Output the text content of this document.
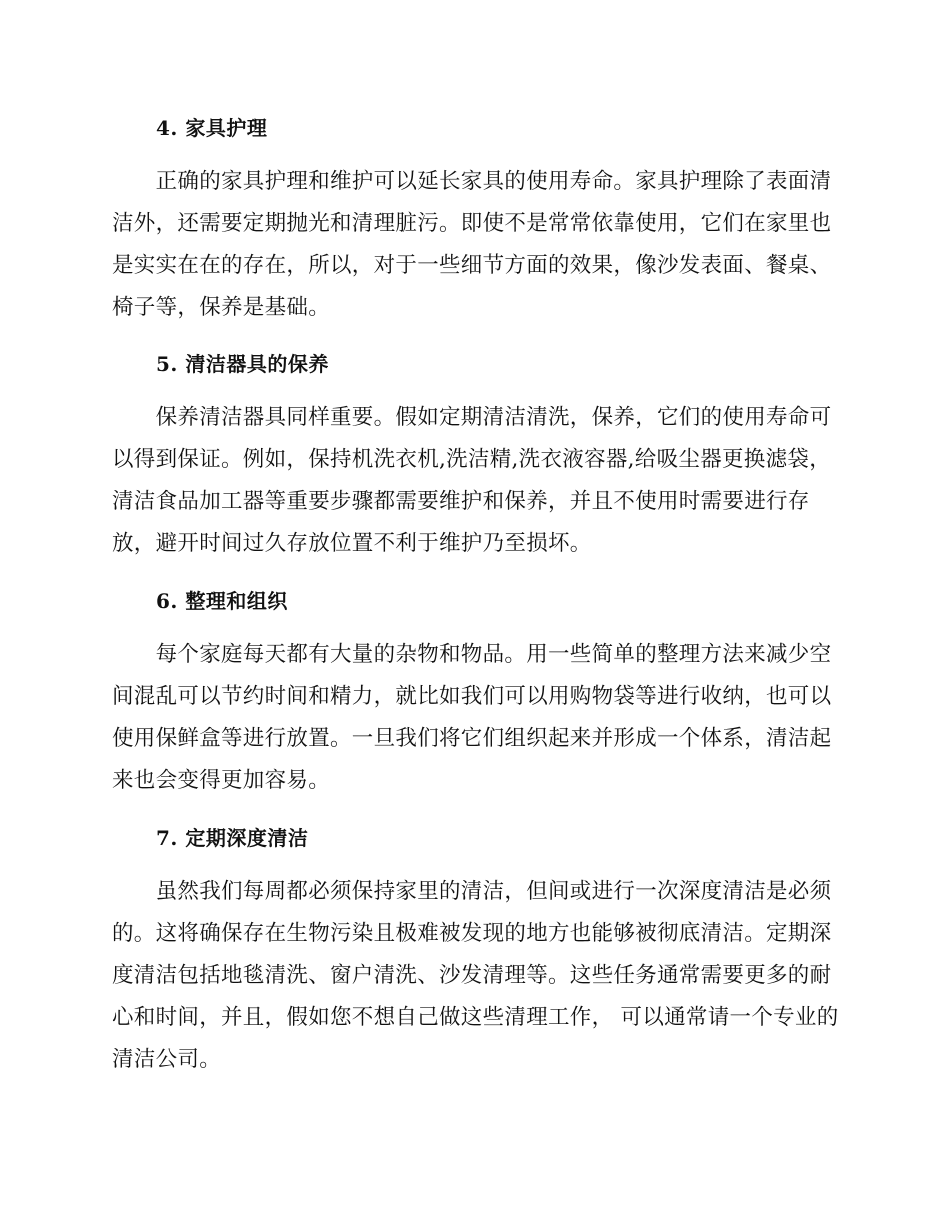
4. 家具护理
　　正确的家具护理和维护可以延长家具的使用寿命。家具护理除了表面清
洁外，还需要定期抛光和清理脏污。即使不是常常依靠使用，它们在家里也
是实实在在的存在，所以，对于一些细节方面的效果，像沙发表面、餐桌、
椅子等，保养是基础。
5. 清洁器具的保养
　　保养清洁器具同样重要。假如定期清洁清洗，保养，它们的使用寿命可
以得到保证。例如，保持机洗衣机,洗洁精,洗衣液容器,给吸尘器更换滤袋，
清洁食品加工器等重要步骤都需要维护和保养，并且不使用时需要进行存
放，避开时间过久存放位置不利于维护乃至损坏。
6. 整理和组织
　　每个家庭每天都有大量的杂物和物品。用一些简单的整理方法来减少空
间混乱可以节约时间和精力，就比如我们可以用购物袋等进行收纳，也可以
使用保鲜盒等进行放置。一旦我们将它们组织起来并形成一个体系，清洁起
来也会变得更加容易。
7. 定期深度清洁
　　虽然我们每周都必须保持家里的清洁，但间或进行一次深度清洁是必须
的。这将确保存在生物污染且极难被发现的地方也能够被彻底清洁。定期深
度清洁包括地毯清洗、窗户清洗、沙发清理等。这些任务通常需要更多的耐
心和时间，并且，假如您不想自己做这些清理工作， 可以通常请一个专业的
清洁公司。
